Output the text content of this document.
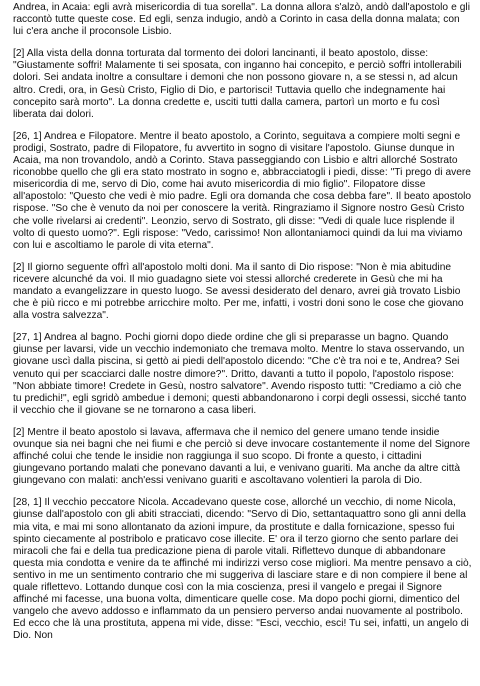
Andrea, in Acaia: egli avrà misericordia di tua sorella". La donna allora s'alzò, andò dall'apostolo e gli raccontò tutte queste cose. Ed egli, senza indugio, andò a Corinto in casa della donna malata; con lui c'era anche il proconsole Lisbio.

[2] Alla vista della donna torturata dal tormento dei dolori lancinanti, il beato apostolo, disse: "Giustamente soffri! Malamente ti sei sposata, con inganno hai concepito, e perciò soffri intollerabili dolori. Sei andata inoltre a consultare i demoni che non possono giovare n, a se stessi n, ad alcun altro. Credi, ora, in Gesù Cristo, Figlio di Dio, e partorisci! Tuttavia quello che indegnamente hai concepito sarà morto". La donna credette e, usciti tutti dalla camera, partorì un morto e fu così liberata dai dolori.

[26, 1] Andrea e Filopatore. Mentre il beato apostolo, a Corinto, seguitava a compiere molti segni e prodigi, Sostrato, padre di Filopatore, fu avvertito in sogno di visitare l'apostolo. Giunse dunque in Acaia, ma non trovandolo, andò a Corinto. Stava passeggiando con Lisbio e altri allorché Sostrato riconobbe quello che gli era stato mostrato in sogno e, abbracciatogli i piedi, disse: "Ti prego di avere misericordia di me, servo di Dio, come hai avuto misericordia di mio figlio". Filopatore disse all'apostolo: "Questo che vedi è mio padre. Egli ora domanda che cosa debba fare". Il beato apostolo rispose. "So che è venuto da noi per conoscere la verità. Ringraziamo il Signore nostro Gesù Cristo che volle rivelarsi ai credenti". Leonzio, servo di Sostrato, gli disse: "Vedi di quale luce risplende il volto di questo uomo?". Egli rispose: "Vedo, carissimo! Non allontaniamoci quindi da lui ma viviamo con lui e ascoltiamo le parole di vita eterna".

[2] Il giorno seguente offrì all'apostolo molti doni. Ma il santo di Dio rispose: "Non è mia abitudine ricevere alcunché da voi. Il mio guadagno siete voi stessi allorché crederete in Gesù che mi ha mandato a evangelizzare in questo luogo. Se avessi desiderato del denaro, avrei già trovato Lisbio che è più ricco e mi potrebbe arricchire molto. Per me, infatti, i vostri doni sono le cose che giovano alla vostra salvezza".

[27, 1] Andrea al bagno. Pochi giorni dopo diede ordine che gli si preparasse un bagno. Quando giunse per lavarsi, vide un vecchio indemoniato che tremava molto. Mentre lo stava osservando, un giovane uscì dalla piscina, si gettò ai piedi dell'apostolo dicendo: "Che c'è tra noi e te, Andrea? Sei venuto qui per scacciarci dalle nostre dimore?". Dritto, davanti a tutto il popolo, l'apostolo rispose: "Non abbiate timore! Credete in Gesù, nostro salvatore". Avendo risposto tutti: "Crediamo a ciò che tu predichi!", egli sgridò ambedue i demoni; questi abbandonarono i corpi degli ossessi, sicché tanto il vecchio che il giovane se ne tornarono a casa liberi.

[2] Mentre il beato apostolo si lavava, affermava che il nemico del genere umano tende insidie ovunque sia nei bagni che nei fiumi e che perciò si deve invocare costantemente il nome del Signore affinché colui che tende le insidie non raggiunga il suo scopo. Di fronte a questo, i cittadini giungevano portando malati che ponevano davanti a lui, e venivano guariti. Ma anche da altre città giungevano con malati: anch'essi venivano guariti e ascoltavano volentieri la parola di Dio.

[28, 1] Il vecchio peccatore Nicola. Accadevano queste cose, allorché un vecchio, di nome Nicola, giunse dall'apostolo con gli abiti stracciati, dicendo: "Servo di Dio, settantaquattro sono gli anni della mia vita, e mai mi sono allontanato da azioni impure, da prostitute e dalla fornicazione, spesso fui spinto ciecamente al postribolo e praticavo cose illecite. E' ora il terzo giorno che sento parlare dei miracoli che fai e della tua predicazione piena di parole vitali. Riflettevo dunque di abbandonare questa mia condotta e venire da te affinché mi indirizzi verso cose migliori. Ma mentre pensavo a ciò, sentivo in me un sentimento contrario che mi suggeriva di lasciare stare e di non compiere il bene al quale riflettevo. Lottando dunque così con la mia coscienza, presi il vangelo e pregai il Signore affinché mi facesse, una buona volta, dimenticare quelle cose. Ma dopo pochi giorni, dimentico del vangelo che avevo addosso e inflammato da un pensiero perverso andai nuovamente al postribolo. Ed ecco che là una prostituta, appena mi vide, disse: "Esci, vecchio, esci! Tu sei, infatti, un angelo di Dio. Non
